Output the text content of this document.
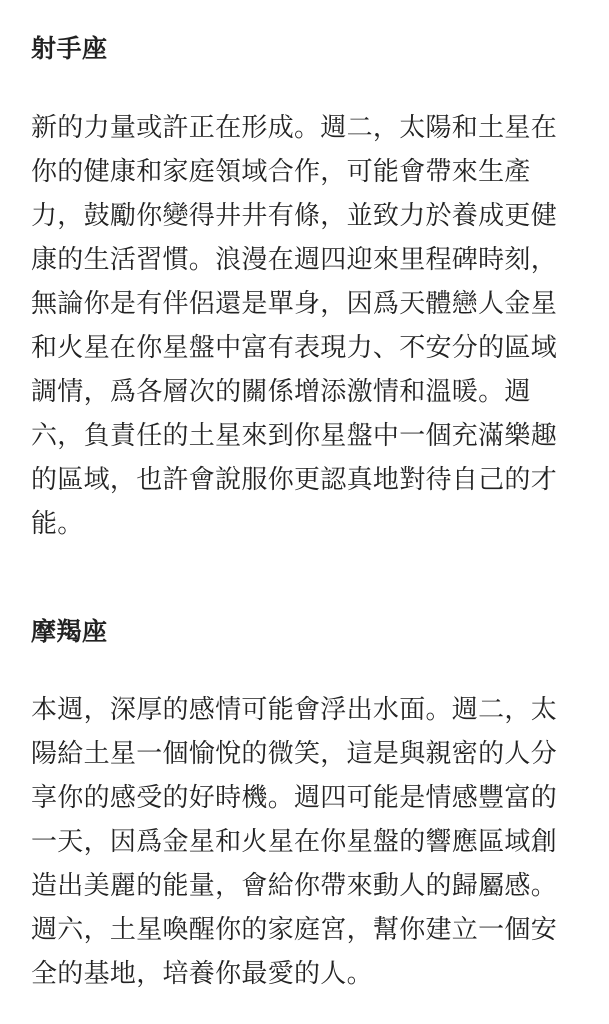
射手座
新的力量或許正在形成。週二，太陽和土星在
你的健康和家庭領域合作，可能會帶來生產
力，鼓勵你變得井井有條，並致力於養成更健
康的生活習慣。浪漫在週四迎來里程碑時刻，
無論你是有伴侶還是單身，因爲天體戀人金星
和火星在你星盤中富有表現力、不安分的區域
調情，爲各層次的關係增添激情和溫暖。週
六，負責任的土星來到你星盤中一個充滿樂趣
的區域，也許會說服你更認真地對待自己的才
能。
摩羯座
本週，深厚的感情可能會浮出水面。週二，太
陽給土星一個愉悅的微笑，這是與親密的人分
享你的感受的好時機。週四可能是情感豐富的
一天，因爲金星和火星在你星盤的響應區域創
造出美麗的能量，會給你帶來動人的歸屬感。
週六，土星喚醒你的家庭宮，幫你建立一個安
全的基地，培養你最愛的人。
